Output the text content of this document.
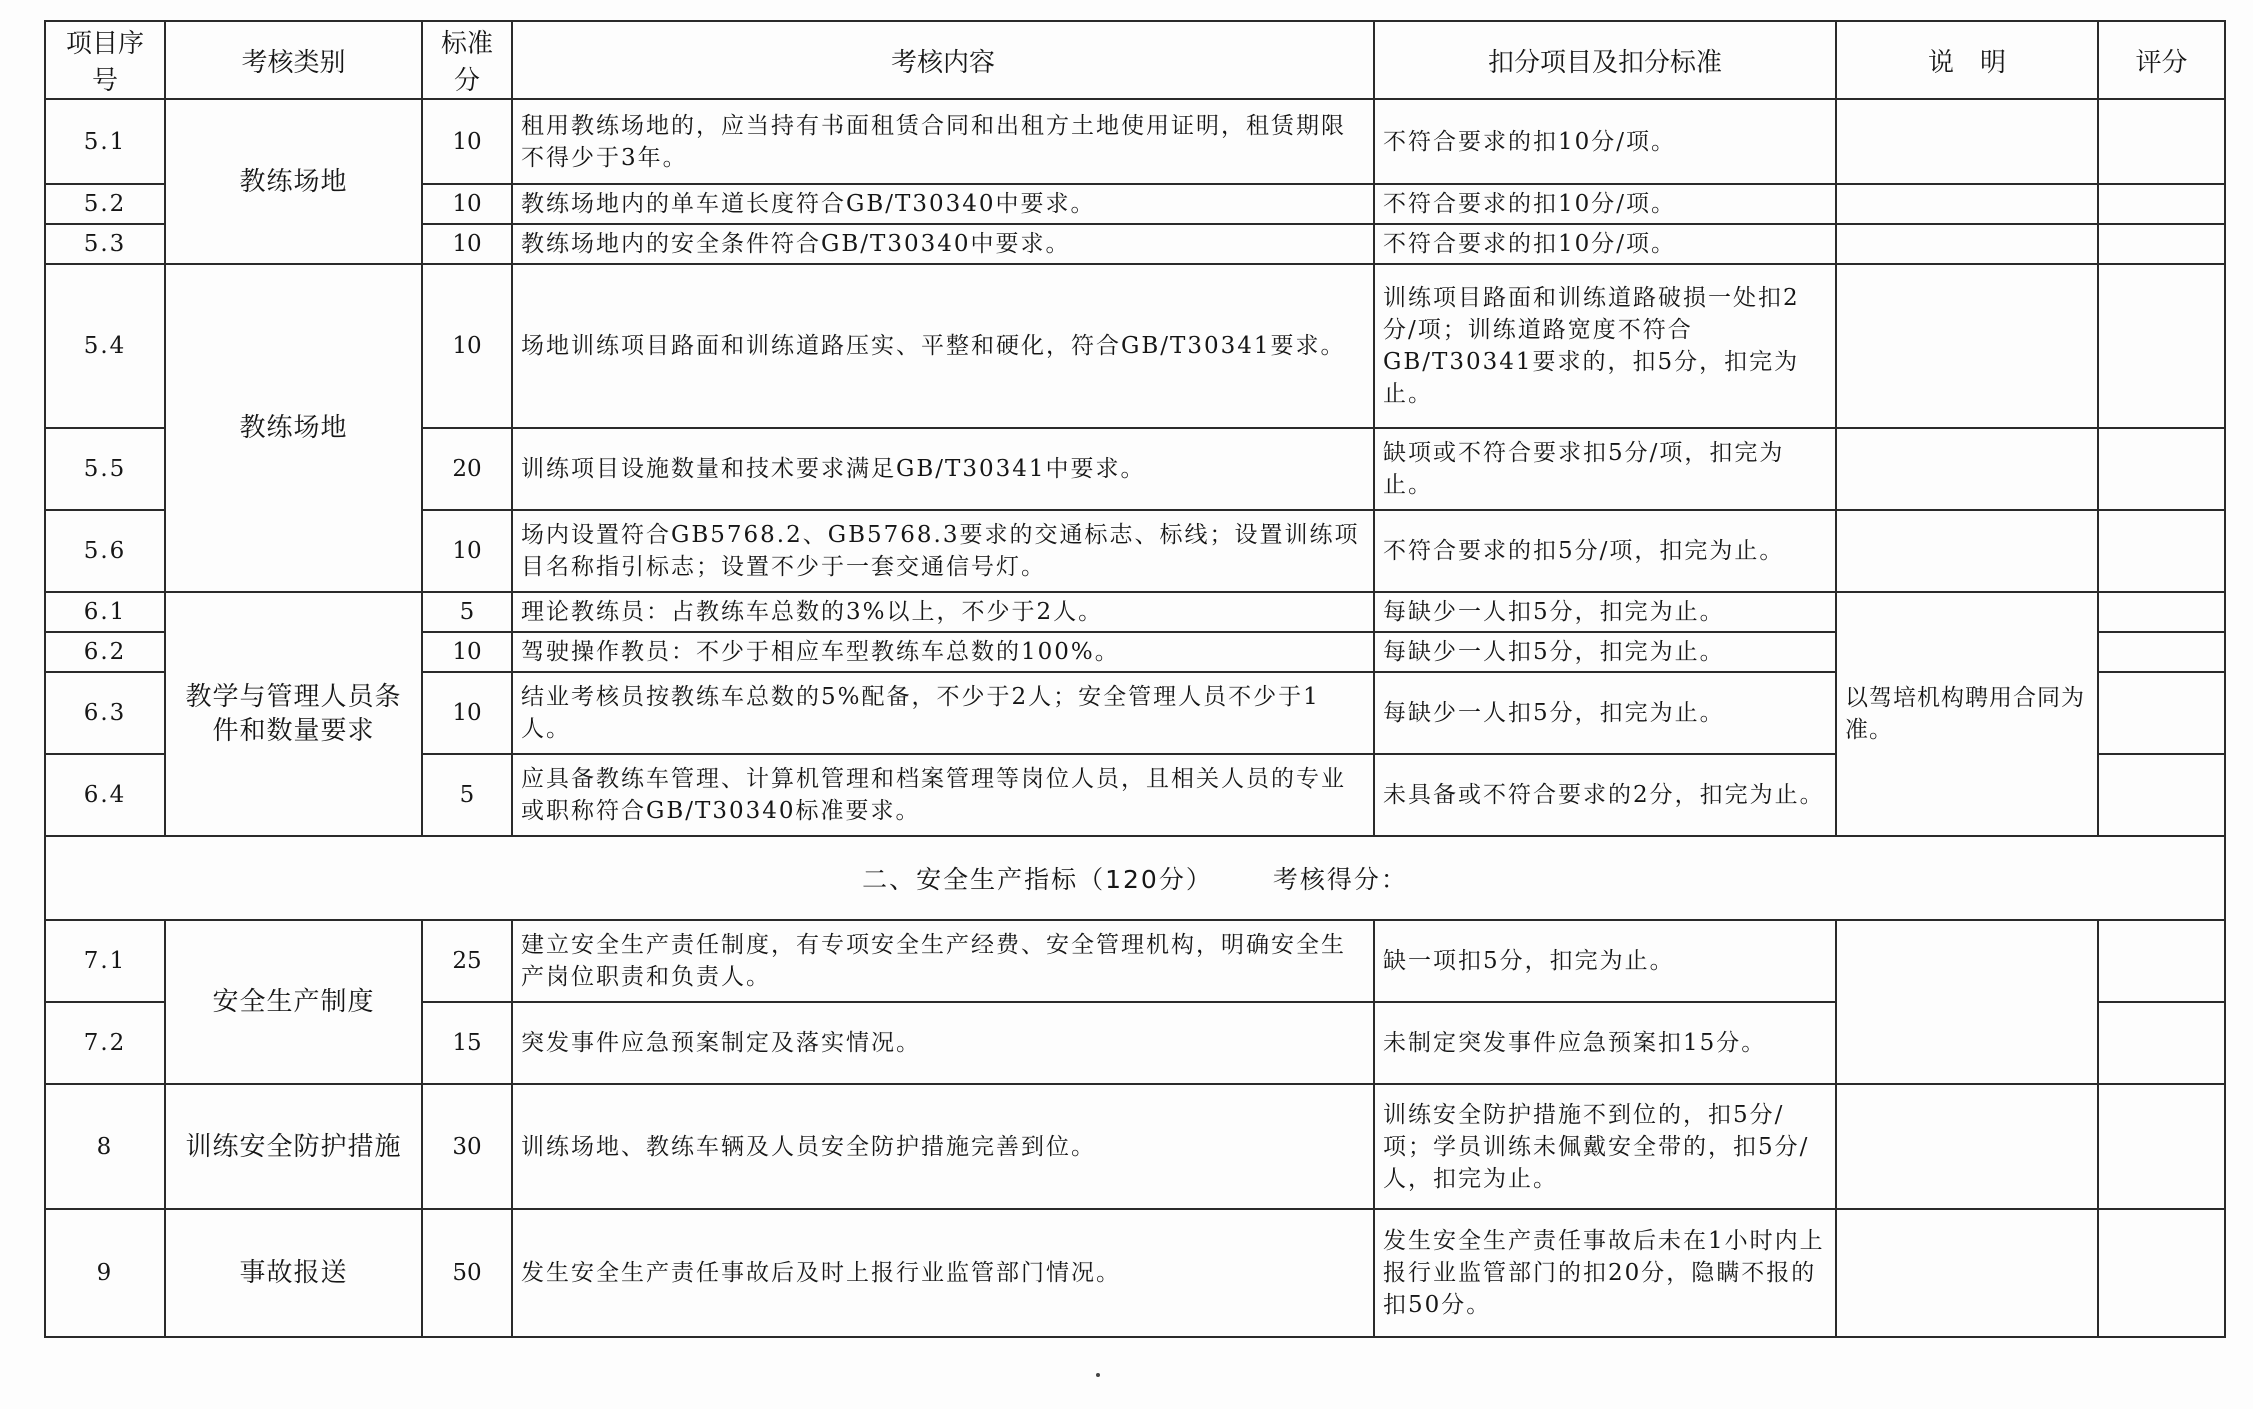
项目序号	考核类别	标准分	考核内容	扣分项目及扣分标准	说　明	评分
5.1	教练场地	10	租用教练场地的，应当持有书面租赁合同和出租方土地使用证明，租赁期限不得少于3年。	不符合要求的扣10分/项。		
5.2		10	教练场地内的单车道长度符合GB/T30340中要求。	不符合要求的扣10分/项。		
5.3		10	教练场地内的安全条件符合GB/T30340中要求。	不符合要求的扣10分/项。		
5.4	教练场地	10	场地训练项目路面和训练道路压实、平整和硬化，符合GB/T30341要求。	训练项目路面和训练道路破损一处扣2分/项；训练道路宽度不符合GB/T30341要求的，扣5分，扣完为止。		
5.5		20	训练项目设施数量和技术要求满足GB/T30341中要求。	缺项或不符合要求扣5分/项，扣完为止。		
5.6		10	场内设置符合GB5768.2、GB5768.3要求的交通标志、标线；设置训练项目名称指引标志；设置不少于一套交通信号灯。	不符合要求的扣5分/项，扣完为止。		
6.1	教学与管理人员条件和数量要求	5	理论教练员：占教练车总数的3%以上，不少于2人。	每缺少一人扣5分，扣完为止。	以驾培机构聘用合同为准。	
6.2		10	驾驶操作教员：不少于相应车型教练车总数的100%。	每缺少一人扣5分，扣完为止。		
6.3		10	结业考核员按教练车总数的5%配备，不少于2人；安全管理人员不少于1人。	每缺少一人扣5分，扣完为止。		
6.4		5	应具备教练车管理、计算机管理和档案管理等岗位人员，且相关人员的专业或职称符合GB/T30340标准要求。	未具备或不符合要求的2分，扣完为止。		
二、安全生产指标（120分） 考核得分：						
7.1	安全生产制度	25	建立安全生产责任制度，有专项安全生产经费、安全管理机构，明确安全生产岗位职责和负责人。	缺一项扣5分，扣完为止。		
7.2		15	突发事件应急预案制定及落实情况。	未制定突发事件应急预案扣15分。		
8	训练安全防护措施	30	训练场地、教练车辆及人员安全防护措施完善到位。	训练安全防护措施不到位的，扣5分/项；学员训练未佩戴安全带的，扣5分/人，扣完为止。		
9	事故报送	50	发生安全生产责任事故后及时上报行业监管部门情况。	发生安全生产责任事故后未在1小时内上报行业监管部门的扣20分，隐瞒不报的扣50分。		
